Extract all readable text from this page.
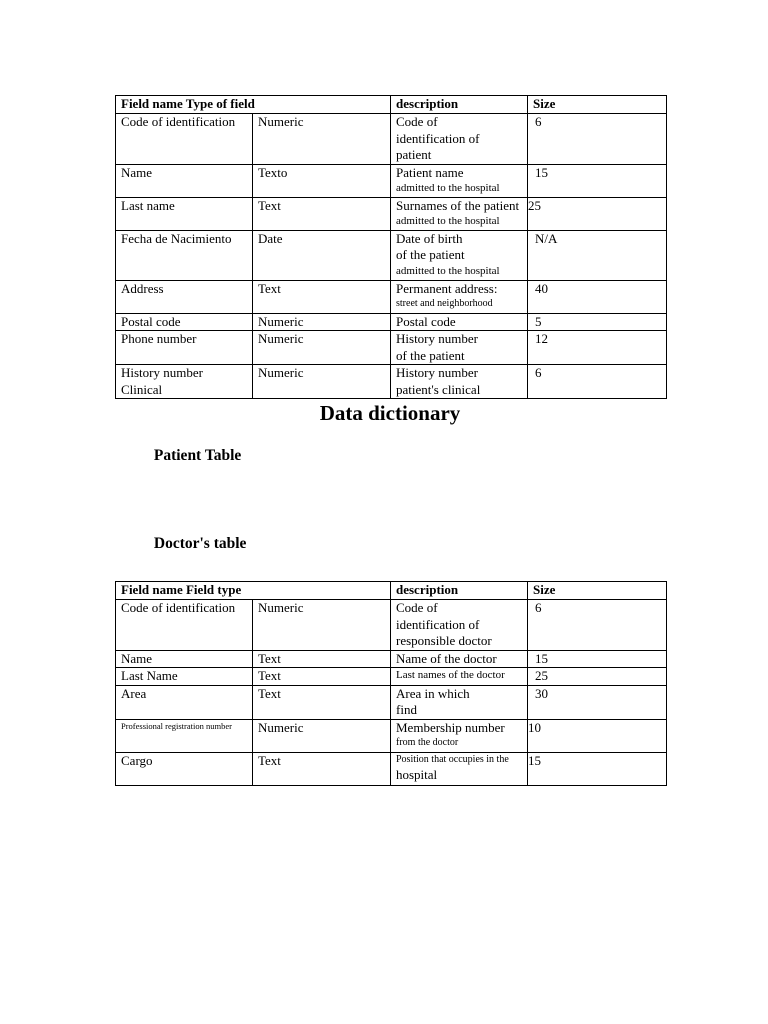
Field name Type of field		description	Size
Code of identification	Numeric	Code of
identification of
patient	6
Name	Texto	Patient name
admitted to the hospital	15
Last name	Text	Surnames of the patient
admitted to the hospital	25
Fecha de Nacimiento	Date	Date of birth
of the patient
admitted to the hospital	N/A
Address	Text	Permanent address:
street and neighborhood	40
Postal code	Numeric	Postal code	5
Phone number	Numeric	History number
of the patient	12

History number
Clinical	Numeric	History number
patient's clinical	6
Data dictionary
Patient Table
Doctor's table
Field name Field type		description	Size
Code of identification	Numeric	Code of
identification of
responsible doctor	6
Name	Text	Name of the doctor	15
Last Name	Text	Last names of the doctor	25
Area	Text	Area in which
find	30

Professional registration number	Numeric	Membership number
from the doctor	10
Cargo	Text	Position that occupies in the
hospital	15
